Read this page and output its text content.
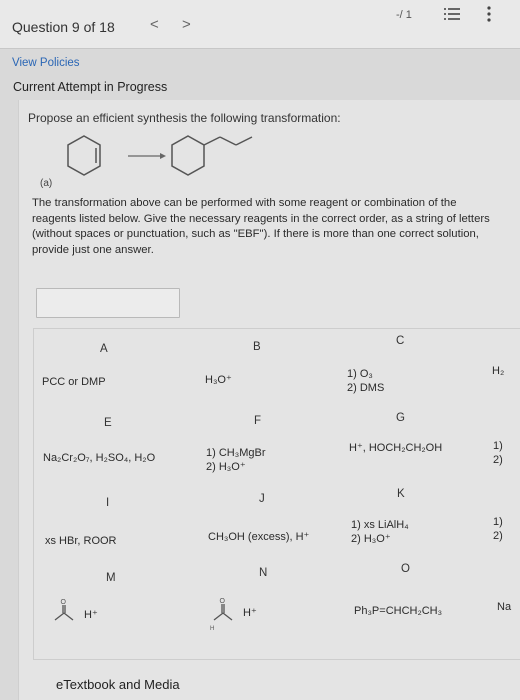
Question 9 of 18 < >
-/ 1
View Policies
Current Attempt in Progress
Propose an efficient synthesis the following transformation:
(a)
The transformation above can be performed with some reagent or combination of the reagents listed below. Give the necessary reagents in the correct order, as a string of letters (without spaces or punctuation, such as "EBF"). If there is more than one correct solution, provide just one answer.
A
PCC or DMP
B
H₃O⁺
C
1) O₃
2) DMS
H₂
E
Na₂Cr₂O₇, H₂SO₄, H₂O
F
1) CH₃MgBr
2) H₃O⁺
G
H⁺, HOCH₂CH₂OH	1)
2)
I
xs HBr, ROOR
J
CH₃OH (excess), H⁺
K
1) xs LiAlH₄
2) H₃O⁺
1)
2)
M
O
H⁺
N
O
H
H⁺
O
Ph₃P=CHCH₂CH₃	Na
eTextbook and Media
